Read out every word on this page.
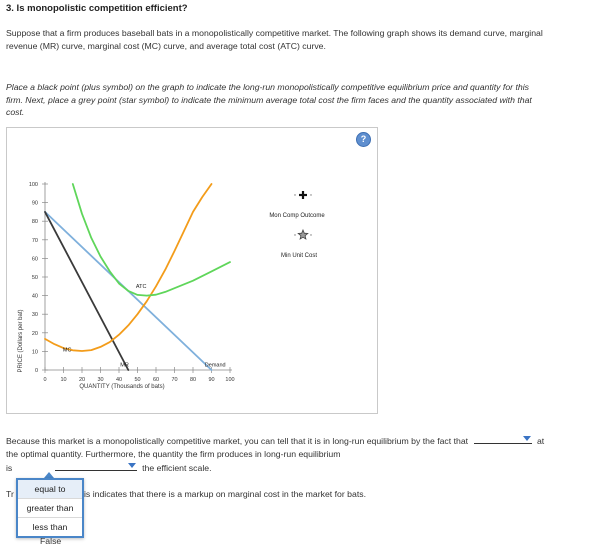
3. Is monopolistic competition efficient?
Suppose that a firm produces baseball bats in a monopolistically competitive market. The following graph shows its demand curve, marginal revenue (MR) curve, marginal cost (MC) curve, and average total cost (ATC) curve.
Place a black point (plus symbol) on the graph to indicate the long-run monopolistically competitive equilibrium price and quantity for this firm. Next, place a grey point (star symbol) to indicate the minimum average total cost the firm faces and the quantity associated with that cost.
0
10
20
30
40
50
60
70
80
90
100
0	10 20 30 40 50 60 70 80 90 100
PRICE (Dollars per bat)
QUANTITY (Thousands of bats)
Mon Comp Outcome
Min Unit Cost
ATC
MC
MR	Demand
?
Because this market is a monopolistically competitive market, you can tell that it is in long-run equilibrium by the fact that	at the optimal quantity. Furthermore, the quantity the firm produces in long-run equilibrium
is	the efficient scale.
Tr	is indicates that there is a markup on marginal cost in the market for bats.
equal to
greater than
less than
False
